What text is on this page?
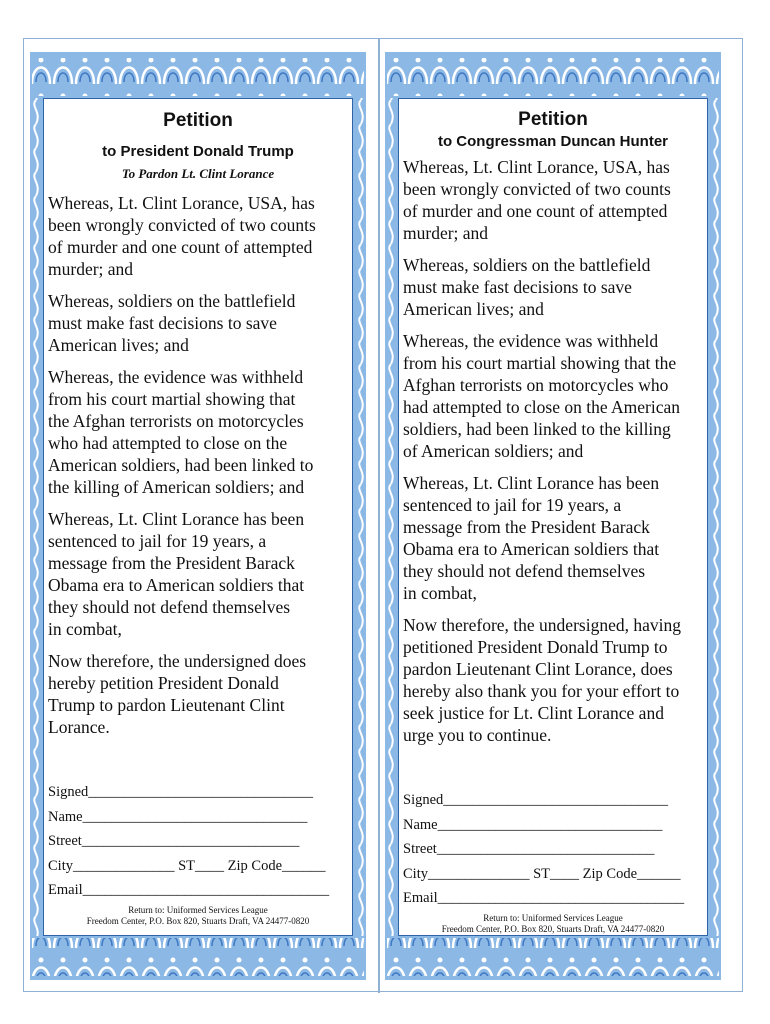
Petition

to President Donald Trump

To Pardon Lt. Clint Lorance

Whereas, Lt. Clint Lorance, USA, has
been wrongly convicted of two counts
of murder and one count of attempted
murder; and

Whereas, soldiers on the battlefield
must make fast decisions to save
American lives; and

Whereas, the evidence was withheld
from his court martial showing that
the Afghan terrorists on motorcycles
who had attempted to close on the
American soldiers, had been linked to
the killing of American soldiers; and

Whereas, Lt. Clint Lorance has been
sentenced to jail for 19 years, a
message from the President Barack
Obama era to American soldiers that
they should not defend themselves
in combat,

Now therefore, the undersigned does
hereby petition President Donald
Trump to pardon Lieutenant Clint
Lorance.

Signed_______________________________
Name_______________________________
Street______________________________
City______________ ST____ Zip Code______
Email__________________________________

Return to: Uniformed Services League

Freedom Center, P.O. Box 820, Stuarts Draft, VA 24477-0820

Petition

to Congressman Duncan Hunter

Whereas, Lt. Clint Lorance, USA, has
been wrongly convicted of two counts
of murder and one count of attempted
murder; and

Whereas, soldiers on the battlefield
must make fast decisions to save
American lives; and

Whereas, the evidence was withheld
from his court martial showing that the
Afghan terrorists on motorcycles who
had attempted to close on the American
soldiers, had been linked to the killing
of American soldiers; and

Whereas, Lt. Clint Lorance has been
sentenced to jail for 19 years, a
message from the President Barack
Obama era to American soldiers that
they should not defend themselves
in combat,

Now therefore, the undersigned, having
petitioned President Donald Trump to
pardon Lieutenant Clint Lorance, does
hereby also thank you for your effort to
seek justice for Lt. Clint Lorance and
urge you to continue.

Signed_______________________________
Name_______________________________
Street______________________________
City______________ ST____ Zip Code______
Email__________________________________

Return to: Uniformed Services League

Freedom Center, P.O. Box 820, Stuarts Draft, VA 24477-0820
